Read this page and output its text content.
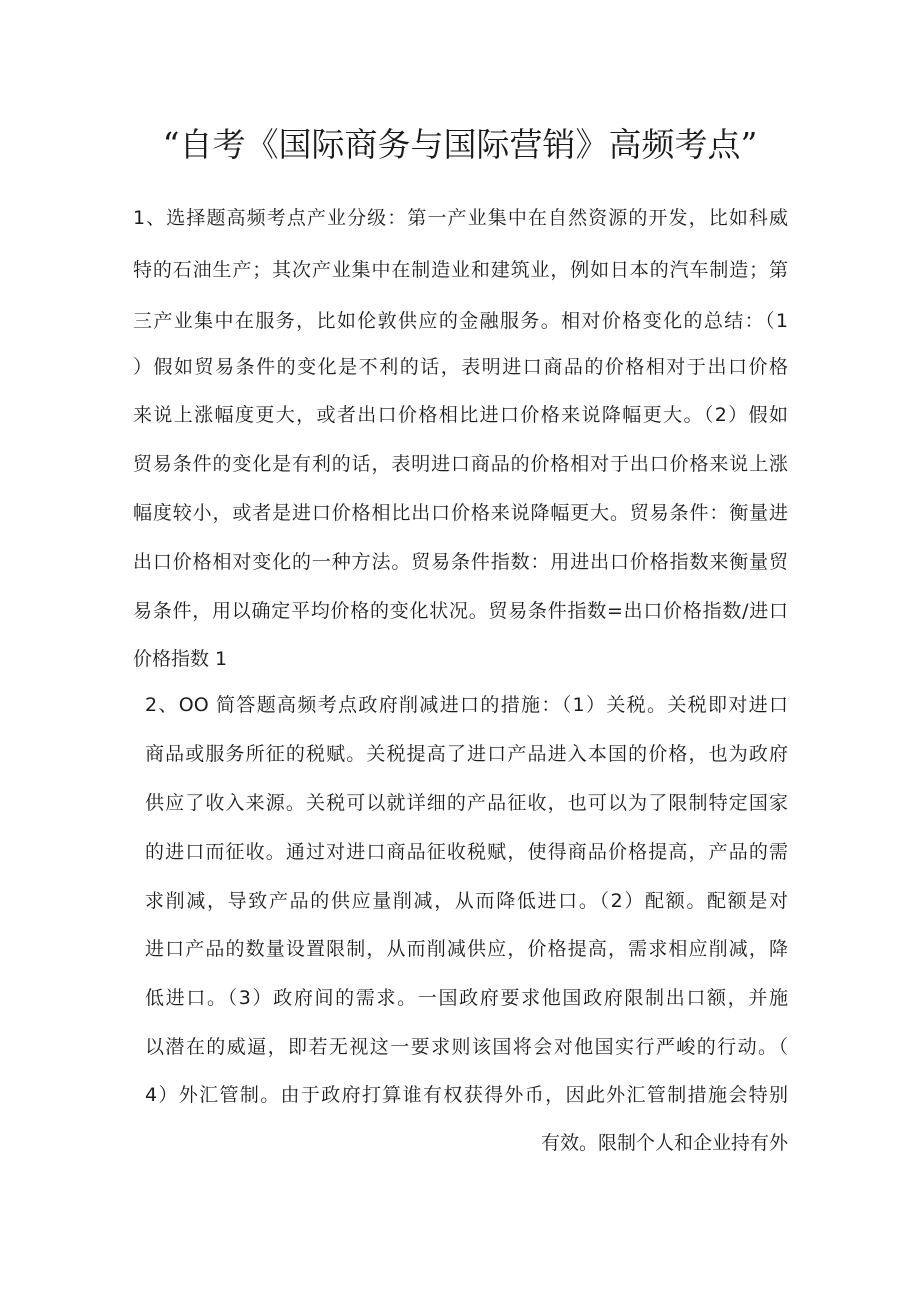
“自考《国际商务与国际营销》高频考点”
1、选择题高频考点产业分级：第一产业集中在自然资源的开发，比如科威
特的石油生产；其次产业集中在制造业和建筑业，例如日本的汽车制造；第
三产业集中在服务，比如伦敦供应的金融服务。相对价格变化的总结：（1
）假如贸易条件的变化是不利的话，表明进口商品的价格相对于出口价格
来说上涨幅度更大，或者出口价格相比进口价格来说降幅更大。（2）假如
贸易条件的变化是有利的话，表明进口商品的价格相对于出口价格来说上涨
幅度较小，或者是进口价格相比出口价格来说降幅更大。贸易条件：衡量进
出口价格相对变化的一种方法。贸易条件指数：用进出口价格指数来衡量贸
易条件，用以确定平均价格的变化状况。贸易条件指数=出口价格指数/进口
价格指数 1
2、OO 简答题高频考点政府削减进口的措施：（1）关税。关税即对进口
商品或服务所征的税赋。关税提高了进口产品进入本国的价格，也为政府
供应了收入来源。关税可以就详细的产品征收，也可以为了限制特定国家
的进口而征收。通过对进口商品征收税赋，使得商品价格提高，产品的需
求削减，导致产品的供应量削减，从而降低进口。（2）配额。配额是对
进口产品的数量设置限制，从而削减供应，价格提高，需求相应削减，降
低进口。（3）政府间的需求。一国政府要求他国政府限制出口额，并施
以潜在的威逼，即若无视这一要求则该国将会对他国实行严峻的行动。（
4）外汇管制。由于政府打算谁有权获得外币，因此外汇管制措施会特别
有效。限制个人和企业持有外
